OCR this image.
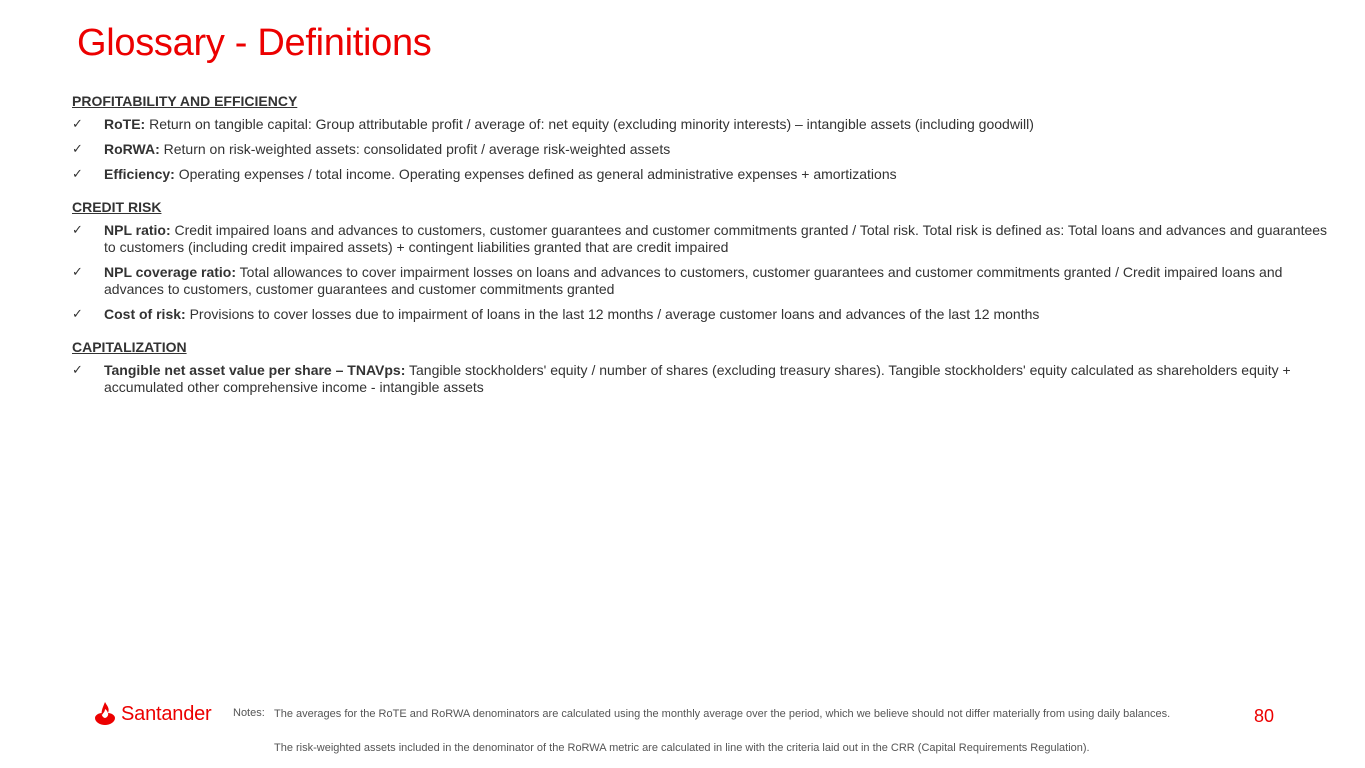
Glossary - Definitions
PROFITABILITY AND EFFICIENCY
✓ RoTE: Return on tangible capital: Group attributable profit / average of: net equity (excluding minority interests) – intangible assets (including goodwill)
✓ RoRWA: Return on risk-weighted assets: consolidated profit / average risk-weighted assets
✓ Efficiency: Operating expenses / total income. Operating expenses defined as general administrative expenses + amortizations
CREDIT RISK
✓ NPL ratio: Credit impaired loans and advances to customers, customer guarantees and customer commitments granted / Total risk. Total risk is defined as: Total loans and advances and guarantees to customers (including credit impaired assets) + contingent liabilities granted that are credit impaired
✓ NPL coverage ratio: Total allowances to cover impairment losses on loans and advances to customers, customer guarantees and customer commitments granted / Credit impaired loans and advances to customers, customer guarantees and customer commitments granted
✓ Cost of risk: Provisions to cover losses due to impairment of loans in the last 12 months / average customer loans and advances of the last 12 months
CAPITALIZATION
✓ Tangible net asset value per share – TNAVps: Tangible stockholders' equity / number of shares (excluding treasury shares). Tangible stockholders' equity calculated as shareholders equity + accumulated other comprehensive income - intangible assets
Santander Notes: The averages for the RoTE and RoRWA denominators are calculated using the monthly average over the period, which we believe should not differ materially from using daily balances.
The risk-weighted assets included in the denominator of the RoRWA metric are calculated in line with the criteria laid out in the CRR (Capital Requirements Regulation).
80
